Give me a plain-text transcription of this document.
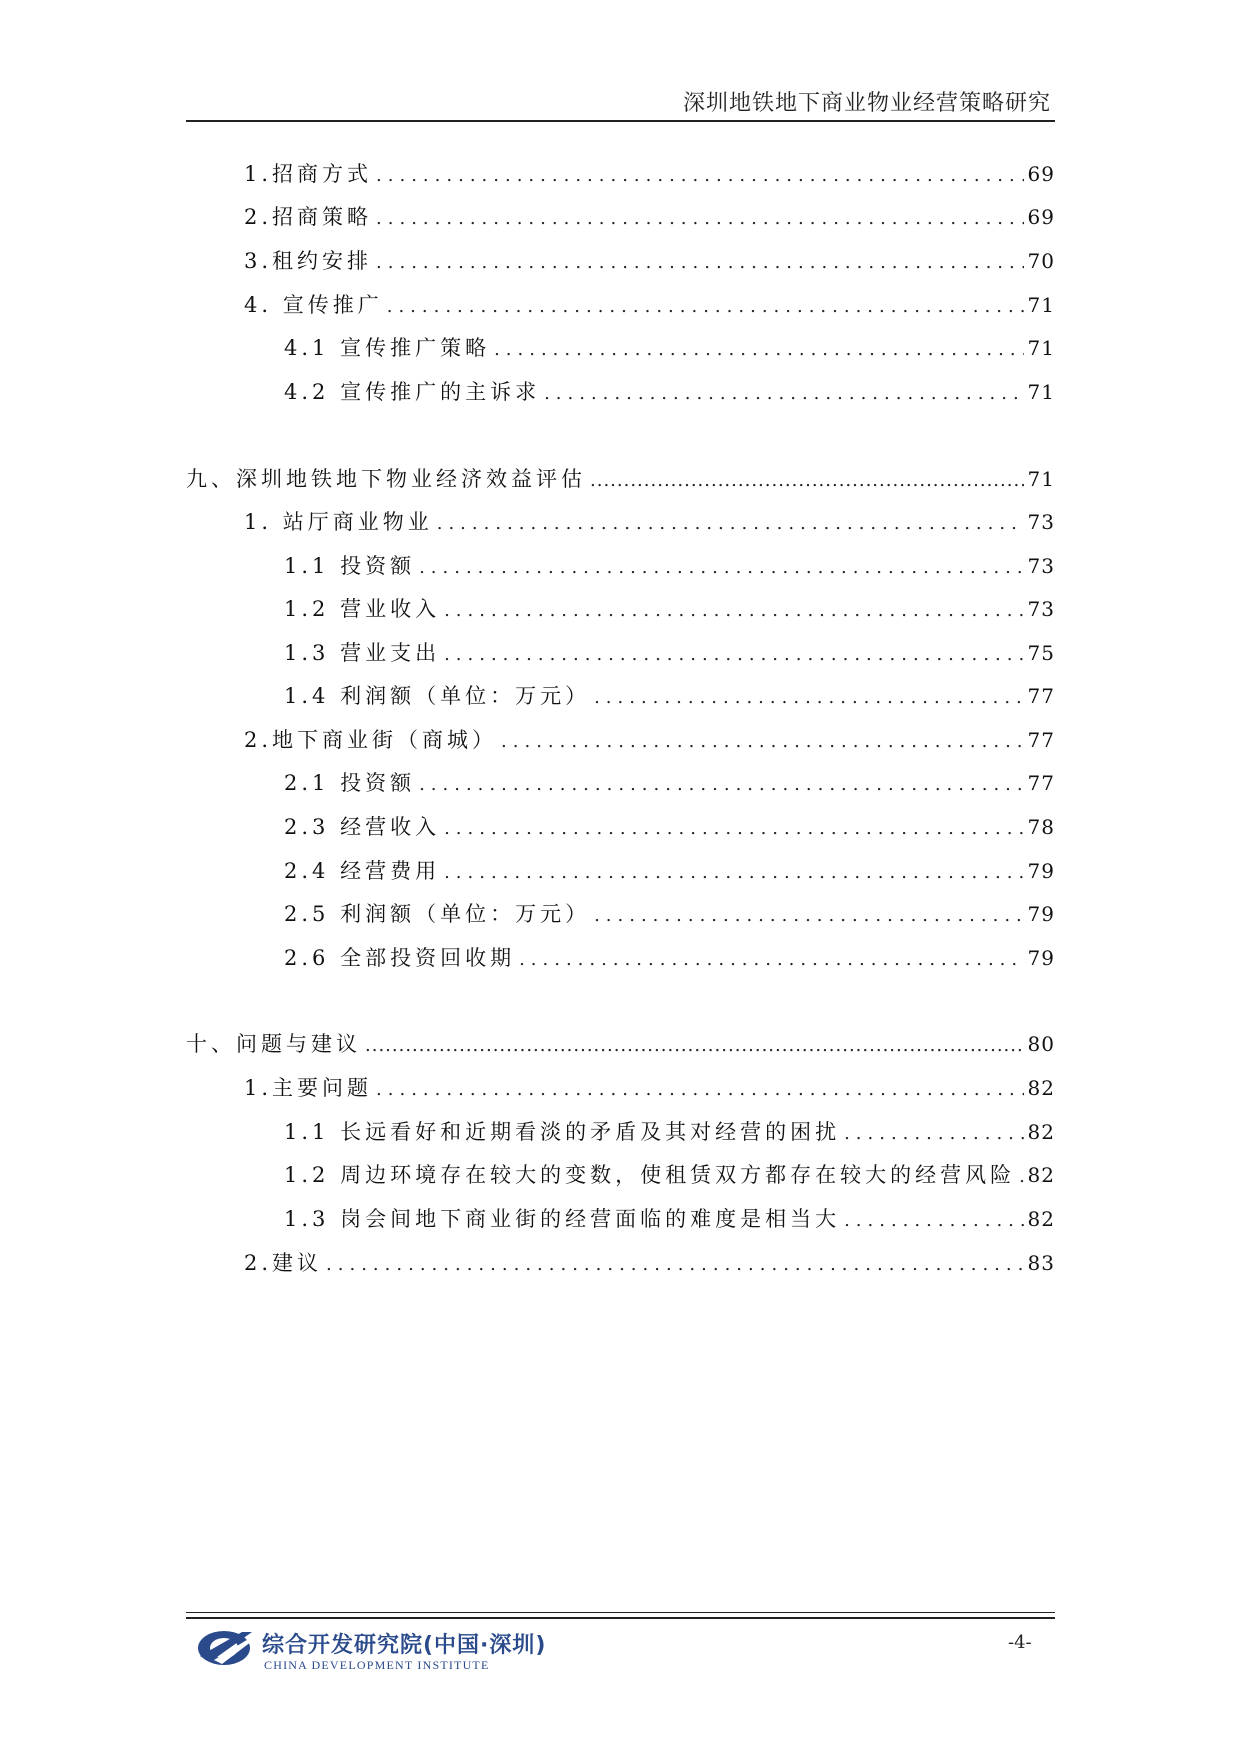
深圳地铁地下商业物业经营策略研究
1.招商方式 .....	69
2.招商策略 .....	69
3.租约安排 .....	70
4. 宣传推广 .....	71
4.1 宣传推广策略 .....	71
4.2 宣传推广的主诉求 .....	71
九、深圳地铁地下物业经济效益评估 .....	71
1. 站厅商业物业 .....	73
1.1 投资额 .....	73
1.2 营业收入 .....	73
1.3 营业支出 .....	75
1.4 利润额（单位：万元） .....	77
2.地下商业街（商城） .....	77
2.1 投资额 .....	77
2.3 经营收入 .....	78
2.4 经营费用 .....	79
2.5 利润额（单位：万元） .....	79
2.6 全部投资回收期 .....	79
十、问题与建议 .....	80
1.主要问题 .....	82
1.1 长远看好和近期看淡的矛盾及其对经营的困扰 .....	82
1.2 周边环境存在较大的变数，使租赁双方都存在较大的经营风险 ..... 82
1.3 岗会间地下商业街的经营面临的难度是相当大 .....	82
2.建议 .....	83
综合开发研究院(中国·深圳)
CHINA DEVELOPMENT INSTITUTE
-4-
